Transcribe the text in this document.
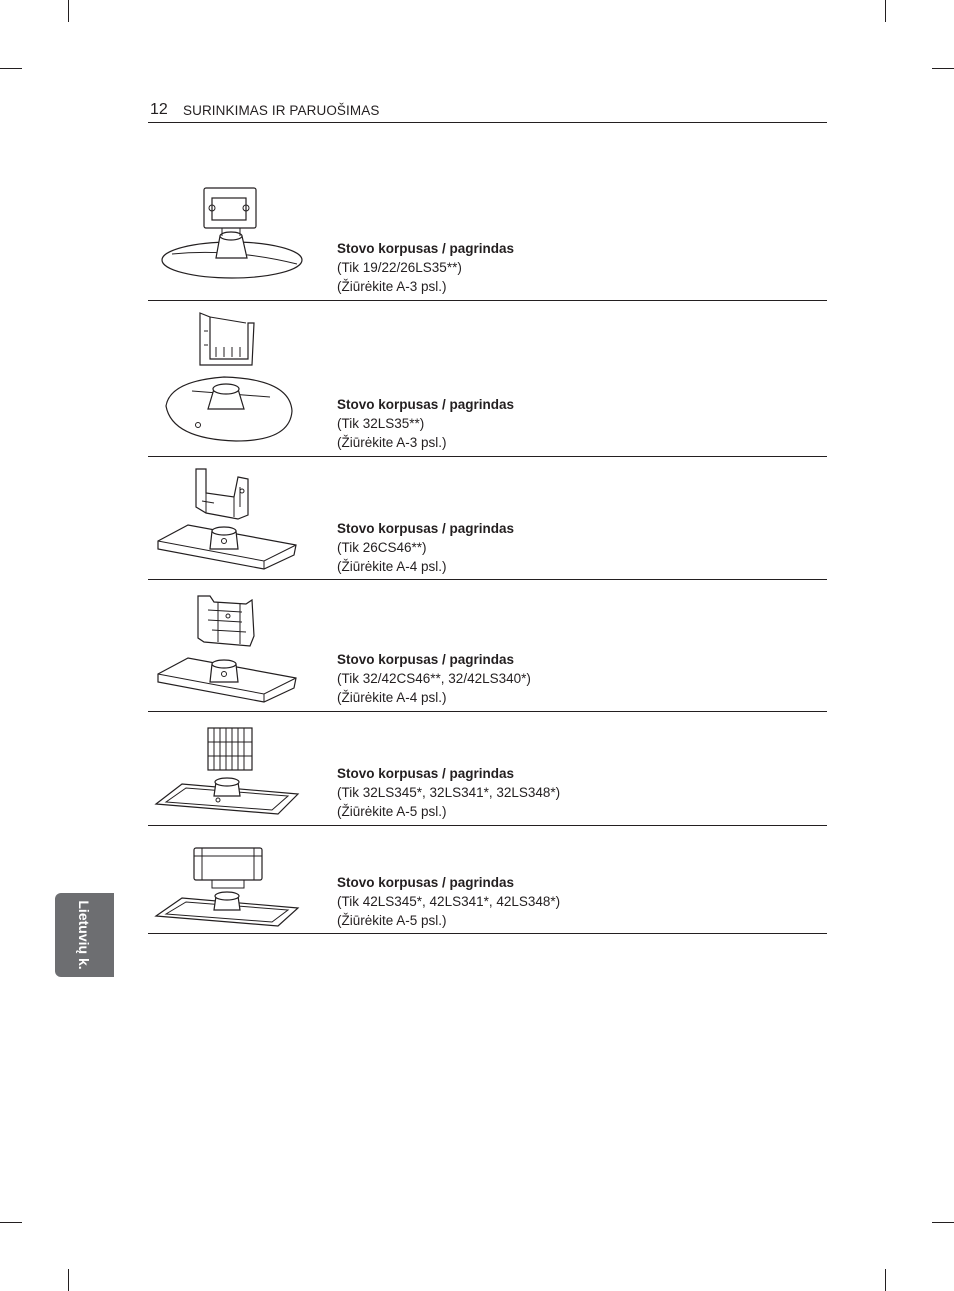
12 SURINKIMAS IR PARUOŠIMAS
Stovo korpusas / pagrindas
(Tik 19/22/26LS35**)
(Žiūrėkite A-3 psl.)
Stovo korpusas / pagrindas
(Tik 32LS35**)
(Žiūrėkite A-3 psl.)
Stovo korpusas / pagrindas
(Tik 26CS46**)
(Žiūrėkite A-4 psl.)
Stovo korpusas / pagrindas
(Tik 32/42CS46**, 32/42LS340*)
(Žiūrėkite A-4 psl.)
Stovo korpusas / pagrindas
(Tik 32LS345*, 32LS341*, 32LS348*)
(Žiūrėkite A-5 psl.)
Stovo korpusas / pagrindas
(Tik 42LS345*, 42LS341*, 42LS348*)
(Žiūrėkite A-5 psl.)
Lietuvių k.
